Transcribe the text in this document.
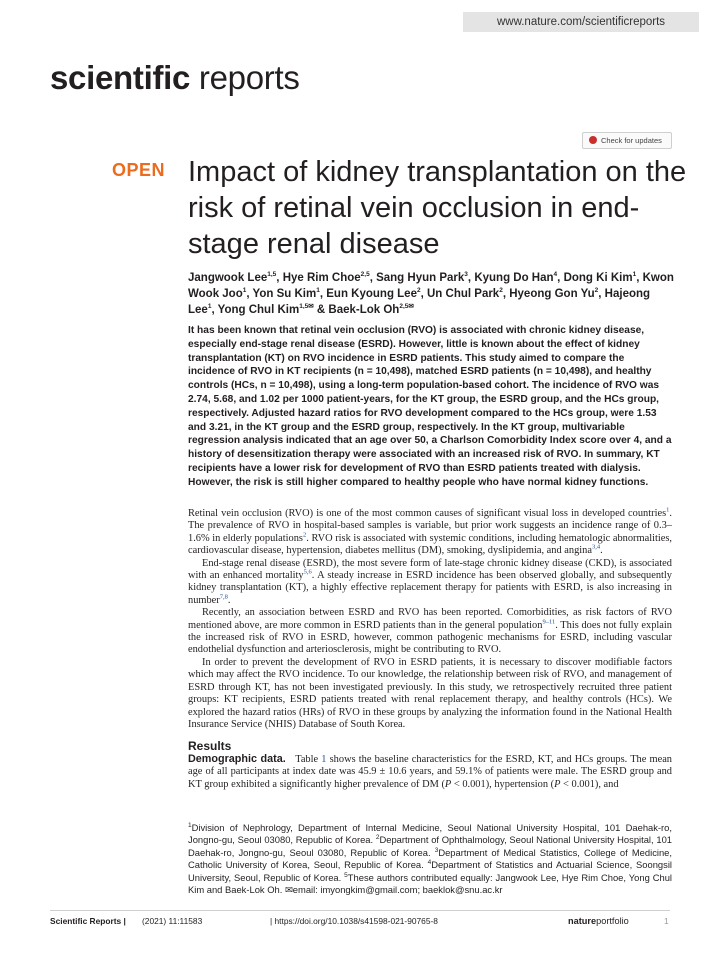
www.nature.com/scientificreports
scientific reports
Check for updates
OPEN Impact of kidney transplantation on the risk of retinal vein occlusion in end-stage renal disease
Jangwook Lee$^{1,5}$, Hye Rim Choe$^{2,5}$, Sang Hyun Park$^3$, Kyung Do Han$^4$, Dong Ki Kim$^1$, Kwon Wook Joo$^1$, Yon Su Kim$^1$, Eun Kyoung Lee$^2$, Un Chul Park$^2$, Hyeong Gon Yu$^2$, Hajeong Lee$^1$, Yong Chul Kim$^{1,5✉}$ & Baek-Lok $Oh^{2,5✉}$

It has been known that retinal vein occlusion (RVO) is associated with chronic kidney disease, especially end-stage renal disease (ESRD). However, little is known about the effect of kidney transplantation (KT) on RVO incidence in ESRD patients. This study aimed to compare the incidence of RVO in KT recipients (n = 10,498), matched ESRD patients (n = 10,498), and healthy controls (HCs, n = 10,498), using a long-term population-based cohort. The incidence of RVO was 2.74, 5.68, and 1.02 per 1000 patient-years, for the KT group, the ESRD group, and the HCs group, respectively. Adjusted hazard ratios for RVO development compared to the HCs group, were 1.53 and 3.21, in the KT group and the ESRD group, respectively. In the KT group, multivariable regression analysis indicated that an age over 50, a Charlson Comorbidity Index score over 4, and a history of desensitization therapy were associated with an increased risk of RVO. In summary, KT recipients have a lower risk for development of RVO than ESRD patients treated with dialysis. However, the risk is still higher compared to healthy people who have normal kidney functions.

Retinal vein occlusion (RVO) is one of the most common causes of significant visual loss in developed countries$^1$. The prevalence of RVO in hospital-based samples is variable, but prior work suggests an incidence range of 0.3–1.6% in elderly populations$^2$. RVO risk is associated with systemic conditions, including hematologic abnormalities, cardiovascular disease, hypertension, diabetes mellitus (DM), smoking, dyslipidemia, and angina$^{3,4}$.

End-stage renal disease (ESRD), the most severe form of late-stage chronic kidney disease (CKD), is associated with an enhanced mortality$^{5,6}$. A steady increase in ESRD incidence has been observed globally, and subsequently kidney transplantation (KT), a highly effective replacement therapy for patients with ESRD, is also increasing in number$^{7,8}$.

Recently, an association between ESRD and RVO has been reported. Comorbidities, as risk factors of RVO mentioned above, are more common in ESRD patients than in the general population$^{9-11}$. This does not fully explain the increased risk of RVO in ESRD, however, common pathogenic mechanisms for ESRD, including vascular endothelial dysfunction and arteriosclerosis, might be contributing to RVO.

In order to prevent the development of RVO in ESRD patients, it is necessary to discover modifiable factors which may affect the RVO incidence. To our knowledge, the relationship between risk of RVO, and management of ESRD through KT, has not been investigated previously. In this study, we retrospectively recruited three patient groups: KT recipients, ESRD patients treated with renal replacement therapy, and healthy controls (HCs). We explored the hazard ratios (HRs) of RVO in these groups by analyzing the information found in the National Health Insurance Service (NHIS) Database of South Korea.

Results
Demographic data. Table 1 shows the baseline characteristics for the ESRD, KT, and HCs groups. The mean age of all participants at index date was 45.9 ± 10.6 years, and 59.1% of patients were male. The ESRD group and KT group exhibited a significantly higher prevalence of DM (P < 0.001), hypertension (P < 0.001), and
$^1$Division of Nephrology, Department of Internal Medicine, Seoul National University Hospital, 101 Daehak-ro, Jongno-gu, Seoul 03080, Republic of Korea. $^2$Department of Ophthalmology, Seoul National University Hospital, 101 Daehak-ro, Jongno-gu, Seoul 03080, Republic of Korea. $^3$Department of Medical Statistics, College of Medicine, Catholic University of Korea, Seoul, Republic of Korea. $^4$Department of Statistics and Actuarial Science, Soongsil University, Seoul, Republic of Korea. $^5$These authors contributed equally: Jangwook Lee, Hye Rim Choe, Yong Chul Kim and Baek-Lok Oh. ✉email: imyongkim@gmail.com; baeklok@snu.ac.kr
Scientific Reports | (2021) 11:11583	| https://doi.org/10.1038/s41598-021-90765-8	natureportfolio	1
